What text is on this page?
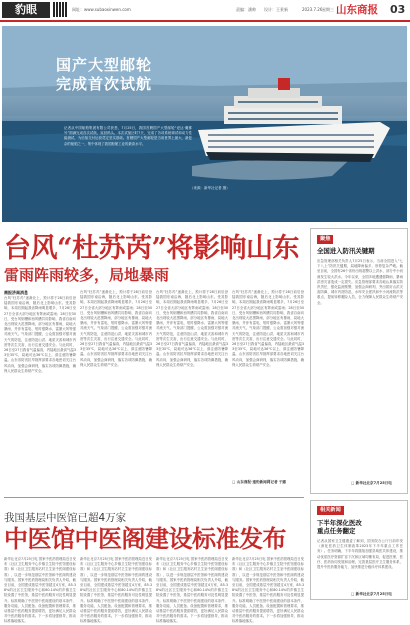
豹眼	网址：www.subaoxinwen.com	责编：潘帅 设计：王景新	2023.7.26 星期三 山东商报	03
国产大型邮轮
完成首次试航
记者从中国船舶集团有限公司获悉，7月25日，我国首艘国产大型邮轮“爱达·魔都号”圆满完成首次试航，返回码头。本次试航历时7天，完成了各项系统调试和动力性能测试，为后续交付运营奠定坚实基础。首艘国产大型邮轮是当前世界上最大、最复杂的船舶之一，集中体现了我国船舶工业的最高水平。
（来源：新华社记者 摄）
台风“杜苏芮”将影响山东
雷雨阵雨较多，局地暴雨
商报济南消息
台风“杜苏芮”逐渐北上，预计将于28日前后登陆我国东南沿海，随后北上影响山东。受其影响，本周后期起我省降雨明显增多，7月26日至27日全省大部分地区有阵雨或雷雨；28日至30日，受台风倒槽和西风槽共同影响，我省自南向北出现较大范围降雨，部分地区有暴雨，局地大暴雨，并伴有雷电、短时强降水、雷暴大风等强对流天气。气象部门提醒，公众需加强对强对流天气的防范，注意防范山洪、地质灾害和城市内涝等次生灾害，出行注意交通安全。与此同时，26日至27日我省气温偏高，内陆地区最高气温33至35℃，局地可达36℃以上，请注意防暑降温。山东省防汛抗旱指挥部要求各地密切关注台风动向，加强会商研判，落实各项防御措施，确保人民群众生命财产安全。
台风“杜苏芮”逐渐北上，预计将于28日前后登陆我国东南沿海，随后北上影响山东。受其影响，本周后期起我省降雨明显增多，7月26日至27日全省大部分地区有阵雨或雷雨；28日至30日，受台风倒槽和西风槽共同影响，我省自南向北出现较大范围降雨，部分地区有暴雨，局地大暴雨，并伴有雷电、短时强降水、雷暴大风等强对流天气。气象部门提醒，公众需加强对强对流天气的防范，注意防范山洪、地质灾害和城市内涝等次生灾害，出行注意交通安全。与此同时，26日至27日我省气温偏高，内陆地区最高气温33至35℃，局地可达36℃以上，请注意防暑降温。山东省防汛抗旱指挥部要求各地密切关注台风动向，加强会商研判，落实各项防御措施，确保人民群众生命财产安全。
台风“杜苏芮”逐渐北上，预计将于28日前后登陆我国东南沿海，随后北上影响山东。受其影响，本周后期起我省降雨明显增多，7月26日至27日全省大部分地区有阵雨或雷雨；28日至30日，受台风倒槽和西风槽共同影响，我省自南向北出现较大范围降雨，部分地区有暴雨，局地大暴雨，并伴有雷电、短时强降水、雷暴大风等强对流天气。气象部门提醒，公众需加强对强对流天气的防范，注意防范山洪、地质灾害和城市内涝等次生灾害，出行注意交通安全。与此同时，26日至27日我省气温偏高，内陆地区最高气温33至35℃，局地可达36℃以上，请注意防暑降温。山东省防汛抗旱指挥部要求各地密切关注台风动向，加强会商研判，落实各项防御措施，确保人民群众生命财产安全。
台风“杜苏芮”逐渐北上，预计将于28日前后登陆我国东南沿海，随后北上影响山东。受其影响，本周后期起我省降雨明显增多，7月26日至27日全省大部分地区有阵雨或雷雨；28日至30日，受台风倒槽和西风槽共同影响，我省自南向北出现较大范围降雨，部分地区有暴雨，局地大暴雨，并伴有雷电、短时强降水、雷暴大风等强对流天气。气象部门提醒，公众需加强对强对流天气的防范，注意防范山洪、地质灾害和城市内涝等次生灾害，出行注意交通安全。与此同时，26日至27日我省气温偏高，内陆地区最高气温33至35℃，局地可达36℃以上，请注意防暑降温。山东省防汛抗旱指挥部要求各地密切关注台风动向，加强会商研判，落实各项防御措施，确保人民群众生命财产安全。
□ 山东商报·速豹新闻网记者 于娜
聚焦
全国进入防汛关键期
应急管理部相关负责人7月25日表示，当前全国进入“七下八上”防汛关键期，局地降雨偏多，形势复杂严峻。截至目前，全国有26个省份出现超警以上洪水，部分中小河流发生较大洪水。今年以来，全国多地遭遇强降雨，暴雨洪涝灾害造成一定损失。应急管理部要求各地认真落实防汛责任，强化监测预警，加强会商研判，突出抓好山洪灾害防御、城市内涝防范、水库安全度汛和中小河流防洪等重点，提前转移避险人员，全力保障人民群众生命财产安全。
□ 新华社北京7月25日电
相关新闻
下半年深化医改
重点任务翻定
记者从国家卫生健康委了解到，国务院办公厅日前印发《深化医药卫生体制改革2023年下半年重点工作任务》。任务明确，下半年将继续加强县域医共体建设，推动优质医疗资源扩容下沉和区域均衡布局，促进医保、医疗、医药协同发展和治理，完善基层医疗卫生服务体系，提升中医药服务能力，加快推进分级诊疗体系建设。
□ 新华社北京7月25日电
我国基层中医馆已超4万家
中医馆中医阁建设标准发布
新华社北京7月25日电 国家中医药管理局近日发布《社区卫生服务中心乡镇卫生院中医馆建设标准》和《社区卫生服务站村卫生室中医阁建设标准》，以进一步规范基层中医馆和中医阁的建设与服务。国家中医药管理局相关负责人介绍，截至目前，全国建成基层中医馆超过4万家，85.38%的社区卫生服务中心和80.14%的乡镇卫生院设置了中医馆，基层中医药服务可及性明显提升。标准明确了中医馆中医阁建设的基本条件、服务功能、人员配备、设备配置和管理要求，推动基层中医药服务提质增效，更好满足人民群众对中医药服务的需求。下一步将加强督导，推动标准落地落实。
新华社北京7月25日电 国家中医药管理局近日发布《社区卫生服务中心乡镇卫生院中医馆建设标准》和《社区卫生服务站村卫生室中医阁建设标准》，以进一步规范基层中医馆和中医阁的建设与服务。国家中医药管理局相关负责人介绍，截至目前，全国建成基层中医馆超过4万家，85.38%的社区卫生服务中心和80.14%的乡镇卫生院设置了中医馆，基层中医药服务可及性明显提升。标准明确了中医馆中医阁建设的基本条件、服务功能、人员配备、设备配置和管理要求，推动基层中医药服务提质增效，更好满足人民群众对中医药服务的需求。下一步将加强督导，推动标准落地落实。
新华社北京7月25日电 国家中医药管理局近日发布《社区卫生服务中心乡镇卫生院中医馆建设标准》和《社区卫生服务站村卫生室中医阁建设标准》，以进一步规范基层中医馆和中医阁的建设与服务。国家中医药管理局相关负责人介绍，截至目前，全国建成基层中医馆超过4万家，85.38%的社区卫生服务中心和80.14%的乡镇卫生院设置了中医馆，基层中医药服务可及性明显提升。标准明确了中医馆中医阁建设的基本条件、服务功能、人员配备、设备配置和管理要求，推动基层中医药服务提质增效，更好满足人民群众对中医药服务的需求。下一步将加强督导，推动标准落地落实。
新华社北京7月25日电 国家中医药管理局近日发布《社区卫生服务中心乡镇卫生院中医馆建设标准》和《社区卫生服务站村卫生室中医阁建设标准》，以进一步规范基层中医馆和中医阁的建设与服务。国家中医药管理局相关负责人介绍，截至目前，全国建成基层中医馆超过4万家，85.38%的社区卫生服务中心和80.14%的乡镇卫生院设置了中医馆，基层中医药服务可及性明显提升。标准明确了中医馆中医阁建设的基本条件、服务功能、人员配备、设备配置和管理要求，推动基层中医药服务提质增效，更好满足人民群众对中医药服务的需求。下一步将加强督导，推动标准落地落实。
